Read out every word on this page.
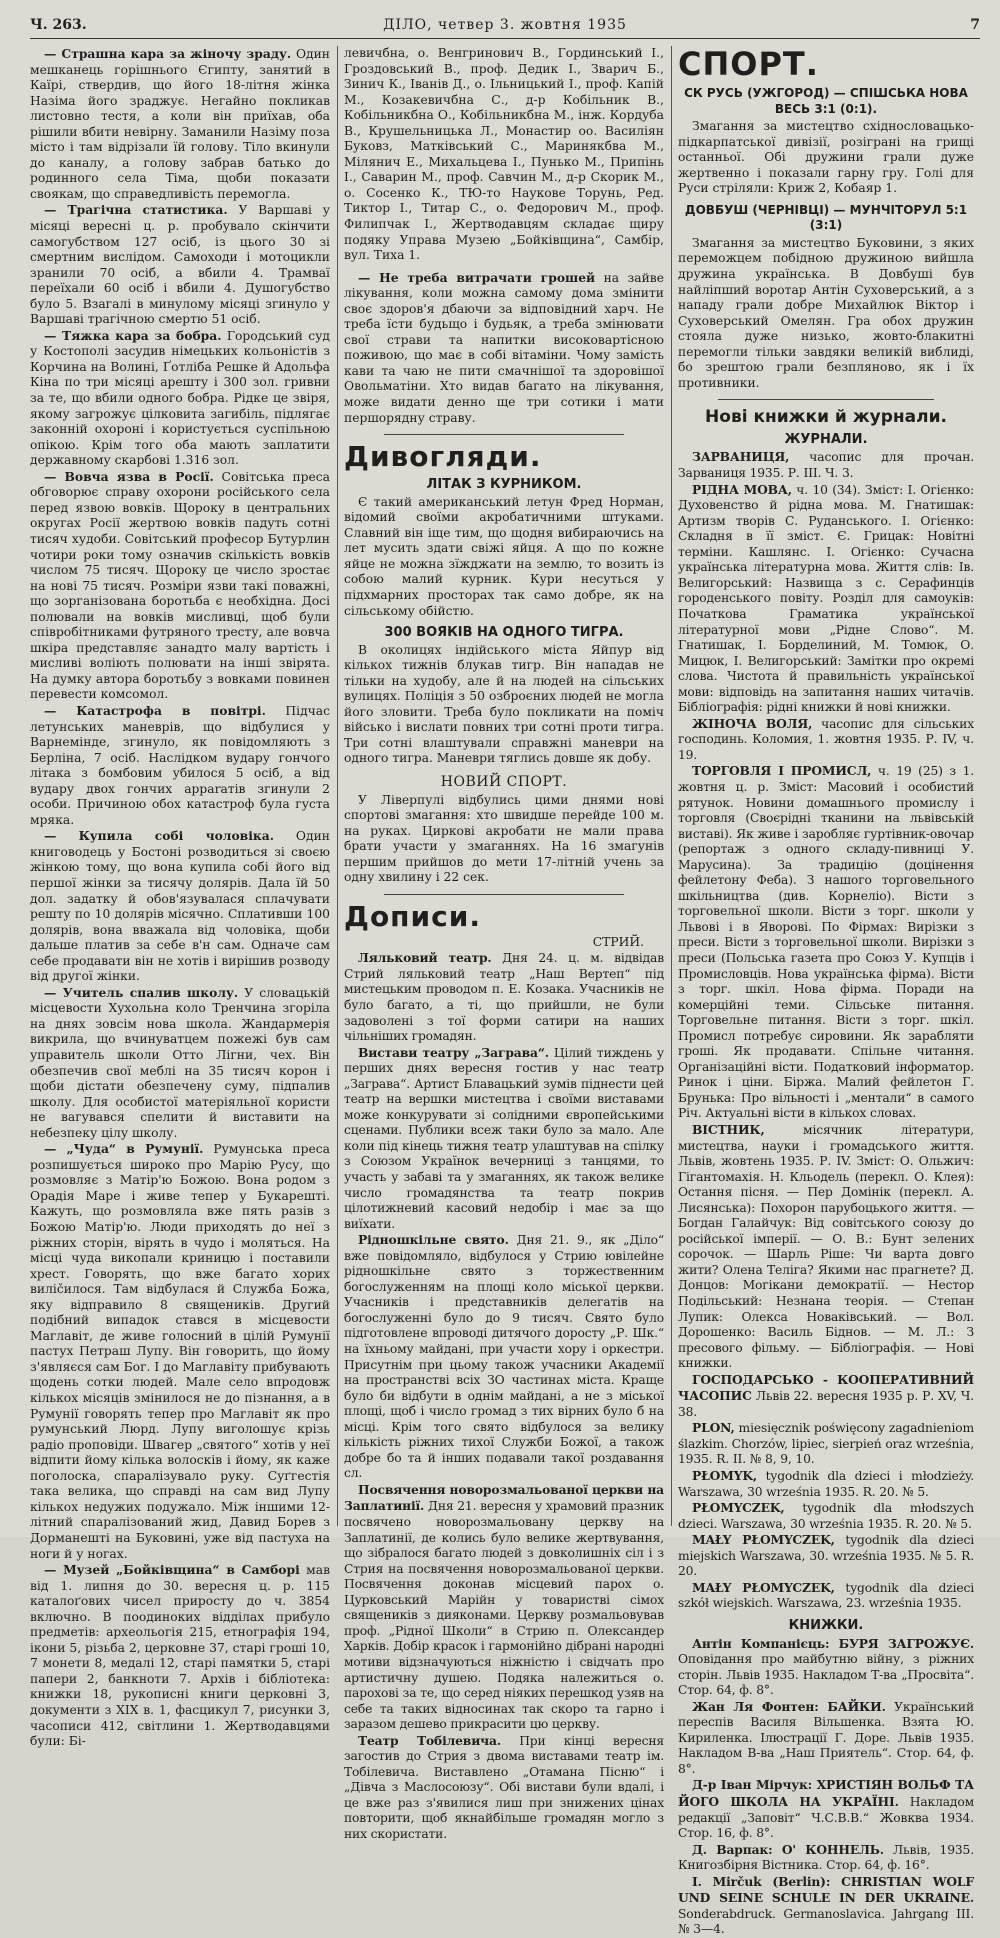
Ч. 263.	ДІЛО, четвер 3. жовтня 1935	7

— Страшна кара за жіночу зраду. Один мешканець горішнього Єгипту, занятий в Каїрі, ствердив, що його 18-літня жінка Назіма його зраджує. Негайно покликав листовно тестя, а коли він приїхав, оба рішили вбити невірну. Заманили Назіму поза місто і там відрізали їй голову. Тіло вкинули до каналу, а голову забрав батько до родинного села Тіма, щоби показати своякам, що справедливість перемогла.

— Трагічна статистика. У Варшаві у місяці вересні ц. р. пробувало скінчити самогубством 127 осіб, із цього 30 зі смертним вислідом. Самоходи і мотоцикли зранили 70 осіб, а вбили 4. Трамваї переїхали 60 осіб і вбили 4. Душогубство було 5. Взагалі в минулому місяці згинуло у Варшаві трагічною смертю 51 осіб.

— Тяжка кара за бобра. Городський суд у Костополі засудив німецьких кольоністів з Корчина на Волині, Ґотліба Решке й Адольфа Кіна по три місяці арешту і 300 зол. гривни за те, що вбили одного бобра. Рідке це звіря, якому загрожує цілковита загибіль, підлягає законній охороні і користується суспільною опікою. Крім того оба мають заплатити державному скарбові 1.316 зол.

— Вовча язва в Росії. Совітська преса обговорює справу охорони російського села перед язвою вовків. Щороку в центральних округах Росії жертвою вовків падуть сотні тисяч худоби. Совітський професор Бутурлин чотири роки тому означив скількість вовків числом 75 тисяч. Щороку це число зростає на нові 75 тисяч. Розміри язви такі поважні, що зорганізована боротьба є необхідна. Досі полювали на вовків мисливці, щоб були співробітниками футряного тресту, але вовча шкіра представляє занадто малу вартість і мисливі воліють полювати на інші звірята. На думку автора боротьбу з вовками повинен перевести комсомол.

— Катастрофа в повітрі. Підчас летунських маневрів, що відбулися у Варнеміндe, згинуло, як повідомляють з Берліна, 7 осіб. Наслідком вудару гончого літака з бомбовим убилося 5 осіб, а від вудару двох гончих apparатів згинули 2 особи. Причиною обох катастроф була густа мряка.

— Купила собі чоловіка. Один книговодець у Бостоні розводиться зі своєю жінкою тому, що вона купила собі його від першої жінки за тисячу долярів. Дала їй 50 дол. задатку й обов'язувалася сплачувати решту по 10 долярів місячно. Сплативши 100 долярів, вона вважала від чоловіка, щоби дальше платив за себе в'н сам. Одначе сам себе продавати він не хотів і вирішив розводу від другої жінки.

— Учитель спалив школу. У словацькій місцевости Хухольна коло Тренчина згоріла на днях зовсім нова школа. Жандармерія викрила, що вчинуватцем пожежі був сам управитель школи Отто Лігни, чех. Він обезпечив свої меблі на 35 тисяч корон і щоби дістати обезпечену суму, підпалив школу. Для особистої матеріяльної користи не вагувався спелити й виставити на небезпеку цілу школу.

— „Чуда“ в Румунії. Румунська преса розпишується широко про Марію Русу, що розмовляє з Матір'ю Божою. Вона родом з Орадія Маре і живе тепер у Букарешті. Кажуть, що розмовляла вже пять разів з Божою Матір'ю. Люди приходять до неї з ріжних сторін, вірять в чудо і моляться. На місці чуда викопали криницю і поставили хрест. Говорять, що вже багато хорих виліčилося. Там відбулася й Служба Божа, яку відправило 8 священиків. Другий подібний випадок стався в місцевости Маглавіт, де живе голосний в цілій Румунії пастух Петраш Лупу. Він говорить, що йому з'являєся сам Бог. І до Маглавіту прибувають щодень сотки людей. Мале село впродовж кількох місяців змінилося не до пізнання, а в Румунії говорять тепер про Маглавіт як про румунський Люрд. Лупу виголошує крізь радіо проповіди. Швагер „святого“ хотів у неї відпити йому кілька волосків і йому, як каже поголоска, спаралізувало руку. Суґгестія така велика, що справді на сам вид Лупу кількох недужих подужало. Між іншими 12-літний спаралізований жид, Давид Борев з Дорманешті на Буковині, уже від пастуха на ноги й у ногах.

— Музей „Бойківщина“ в Самборі мав від 1. липня до 30. вересня ц. р. 115 каталоґових чисел приросту до ч. 3854 включно. В поодиноких відділах прибуло предметів: археольогія 215, етнографія 194, ікони 5, різьба 2, церковне 37, старі гроші 10, 7 монети 8, медалі 12, старі памятки 5, старі папери 2, банкноти 7. Архів і бібліотека: книжки 18, рукописні книги церковні 3, документи з XIX в. 1, фасцикул 7, рисунки 3, часописи 412, світлини 1. Жертводавцями були: Бі-

левичбна, о. Венгринович В., Гординський І., Гроздовський В., проф. Дедик І., Зварич Б., Зинич К., Іванів Д., о. Ільницький І., проф. Капій М., Козакевичбна С., д-р Кобільник В., Кобільникбна О., Кобільникбна М., інж. Кордуба В., Крушельницька Л., Монастир оо. Василіян Буковз, Матківський С., Маринякбва М., Мілянич Е., Михальцева І., Пунько М., Припінь І., Саварин М., проф. Савчин М., д-р Скорик М., о. Сосенко К., ТЮ-то Наукове Торунь, Ред. Тиктор І., Титар С., о. Федорович М., проф. Филипчак І., Жертводавцям складає щиру подяку Управа Музею „Бойківщина“, Самбір, вул. Тиха 1.

— Не треба витрачати грошей на зайве лікування, коли можна самому дома змінити своє здоров'я дбаючи за відповідний харч. Не треба їсти будьщо і будьяк, а треба змінювати свої страви та напитки високовартісною поживою, що має в собі вітаміни. Чому замість кави та чаю не пити смачнішої та здоровішої Овольматіни. Хто видав багато на лікування, може видати денно ще три сотики і мати першорядну страву.

Дивогляди.
ЛІТАК З КУРНИКОМ.

Є такий американський летун Фред Норман, відомий своїми акробатичними штуками. Славний він іще тим, що щодня вибираючись на лет мусить здати свіжі яйця. А що по кожне яйце не можна зїжджати на землю, то возить із собою малий курник. Кури несуться у підхмарних просторах так само добре, як на сільському обійстю.

300 ВОЯКІВ НА ОДНОГО ТИГРА.

В околицях індійського міста Яйпур від кількох тижнів блукав тигр. Він нападав не тільки на худобу, але й на людей на сільських вулицях. Поліція з 50 озброєних людей не могла його зловити. Треба було покликати на поміч військо і вислати повних три сотні проти тигра. Три сотні влаштували справжні маневри на одного тигра. Маневри тяглись довше як добу.

НОВИЙ СПОРТ.

У Ліверпулі відбулись цими днями нові спортові змагання: хто швидше перейде 100 м. на руках. Циркові акробати не мали права брати участи у змаганнях. На 16 змагунів першим прийшов до мети 17-літній учень за одну хвилину і 22 сек.

Дописи.
СТРИЙ.

Ляльковий театр. Дня 24. ц. м. відвідав Стрий ляльковий театр „Наш Вертеп“ під мистецьким проводом п. Е. Козака. Учасників не було багато, а ті, що прийшли, не були задоволені з тої форми сатири на наших чільніших громадян.

Вистави театру „Заграва“. Цілий тиждень у перших днях вересня гостив у нас театр „Заграва“. Артист Блавацький зумів піднести цей театр на вершки мистецтва і своїми виставами може конкурувати зі солідними європейськими сценами. Публики всеж таки було за мало. Але коли під кінець тижня театр улаштував на спілку з Союзом Українок вечерниці з танцями, то участь у забаві та у змаганнях, як також велике число громадянства та театр покрив цілотижневий касовий недобір і має за що виїхати.

Рідношкільне свято. Дня 21. 9., як „Діло“ вже повідомляло, відбулося у Стрию ювілейне рідношкільне свято з торжественним богослуженням на площі коло міської церкви. Учасників і представників делегатів на богослуженні було до 9 тисяч. Свято було підготовлене впроводі дитячого доросту „Р. Шк.“ на їхньому майдані, при участи хору і оркестри. Присутнім при цьому також учасники Академії на пространстві всіх ЗО частинах міста. Краще було би відбути в однім майдані, а не з міської площі, щоб і число громад з тих вірних було б на місці. Крім того свято відбулося за велику кількість ріжних тихої Служби Божої, а також добре бо та й інших подавали такої роздавання сл.

Посвячення новорозмальованої церкви на Заплатинії. Дня 21. вересня у храмовий празник посвячено новорозмальовану церкву на Заплатинії, де колись було велике жертвування, що зібралося багато людей з довколишніх сіл і з Стрия на посвячення новорозмальованої церкви. Посвячення доконав місцевий парох о. Цурковський Марійн у товаристві сімох священиків з дияконами. Церкву розмальовував проф. „Рідної Школи“ в Стрию п. Олександер Харків. Добір красок і гармонійно дібрані народні мотиви відзначуються ніжністю і свідчать про артистичну душею. Подяка належиться о. парохові за те, що серед ніяких перешкод узяв на себе та таких відносинах так скоро та гарно і заразом дешево прикрасити цю церкву.

Театр Тобілевича. При кінці вересня загостив до Стрия з двома виставами театр ім. Тобілевича. Виставлено „Отамана Пісню“ і „Дівча з Маслосоюзу“. Обі вистави були вдалі, і це вже раз з'явилися лиш при знижених цінах повторити, щоб якнайбільше громадян могло з них скористати.

СПОРТ.
СК РУСЬ (УЖГОРОД) — СПІШСЬКА НОВА ВЕСЬ 3:1 (0:1).

Змагання за мистецтво східнословацько-підкарпатської дивізії, розіграні на грищі останньої. Обі дружини грали дуже жертвенно і показали гарну гру. Голі для Руси стріляли: Криж 2, Кобаяр 1.

ДОВБУШ (ЧЕРНІВЦІ) — МУНЧІТОРУЛ 5:1 (3:1)

Змагання за мистецтво Буковини, з яких переможцем побідною дружиною вийшла дружина українська. В Довбуші був найліпший воротар Антін Суховерський, а з нападу грали добре Михайлюк Віктор і Суховерський Омелян. Гра обох дружин стояла дуже низько, жовто-блакитні перемогли тільки завдяки великій виблиді, бо зрештою грали безпляново, як і їх противники.

Нові книжки й журнали.
ЖУРНАЛИ.

ЗАРВАНИЦЯ, часопис для прочан. Зарваниця 1935. Р. III. Ч. 3.

РІДНА МОВА, ч. 10 (34). Зміст: І. Огієнко: Духовенство й рідна мова. М. Гнатишак: Артизм творів С. Руданського. І. Огієнко: Складня в її зміст. Є. Грицак: Новітні терміни. Кашлянс. І. Огієнко: Сучасна українська літературна мова. Життя слів: Ів. Велигорський: Назвища з с. Серафинців городенського повіту. Розділ для самоуків: Початкова Граматика української літературної мови „Рідне Слово“. М. Гнатишак, І. Борделиний, М. Томюк, О. Мицюк, І. Велигорський: Замітки про окремі слова. Чистота й правильність української мови: відповідь на запитання наших читачів. Бібліографія: рідні книжки й нові книжки.

ЖІНОЧА ВОЛЯ, часопис для сільських господинь. Коломия, 1. жовтня 1935. Р. IV, ч. 19.

ТОРГОВЛЯ І ПРОМИСЛ, ч. 19 (25) з 1. жовтня ц. р. Зміст: Масовий і особистий рятунок. Новини домашнього промислу і торговля (Своєрідні тканини на львівській виставі). Як живе і заробляє гуртівник-овочар (репортаж з одного складу-пивниці У. Марусина). За традицію (доцінення фейлетону Феба). З нашого торговельного шкільництва (див. Корнеліо). Вісти з торговельної школи. Вісти з торг. школи у Львові і в Яворові. По Фірмах: Вирізки з преси. Вісти з торговельної школи. Вирізки з преси (Польська газета про Союз У. Купців і Промисловців. Нова українська фірма). Вісти з торг. шкіл. Нова фірма. Поради на комерційні теми. Сільське питання. Торговельне питання. Вісти з торг. шкіл. Промисл потребує сировини. Як зарабляти гроші. Як продавати. Спільне читання. Організаційні вісти. Податковий інформатор. Ринок і ціни. Біржа. Малий фейлетон Г. Брунька: Про вільності і „ментали“ в самого Річ. Актуальні вісти в кількох словах.

ВІСТНИК, місячник літератури, мистецтва, науки і громадського життя. Львів, жовтень 1935. Р. IV. Зміст: О. Ольжич: Гігантомахія. Н. Кльодель (перекл. О. Клея): Остання пісня. — Пер Домінік (перекл. А. Лисянська): Похорон парубоцького життя. — Богдан Галайчук: Від совітського союзу до російської імперії. — О. В.: Бунт зелених сорочок. — Шарль Ріше: Чи варта довго жити? Олена Теліга? Якими нас прагнете? Д. Донцов: Могікани демократії. — Нестор Подільський: Незнана теорія. — Степан Лупик: Олекса Новаківський. — Вол. Дорошенко: Василь Біднов. — М. Л.: З пресового фільму. — Бібліографія. — Нові книжки.

ГОСПОДАРСЬКО - КООПЕРАТИВНИЙ ЧАСОПИС Львів 22. вересня 1935 р. Р. XV, Ч. 38.

PLON, miesięcznik poświęcony zagadnieniom ślazkim. Chorzów, lipiec, sierpień oraz września, 1935. R. II. № 8, 9, 10.

PŁOMYK, tygodnik dla dzieci i młodzieży. Warszawa, 30 września 1935. R. 20. № 5.

PŁOMYCZEK, tygodnik dla młodszych dzieci. Warszawa, 30 września 1935. R. 20. № 5.

MAŁY PŁOMYCZEK, tygodnik dla dzieci miejskich Warszawa, 30. września 1935. № 5. R. 20.

MAŁY PŁOMYCZEK, tygodnik dla dzieci szkół wiejskich. Warszawa, 23. września 1935.

КНИЖКИ.

Антін Компанієць: БУРЯ ЗАГРОЖУЄ. Оповідання про майбутню війну, з ріжних сторін. Львів 1935. Накладом Т-ва „Просвіта“. Стор. 64, ф. 8°.

Жан Ля Фонтен: БАЙКИ. Український переспів Василя Вільшенка. Взята Ю. Кириленка. Ілюстрації Г. Доре. Львів 1935. Накладом В-ва „Наш Приятель“. Стор. 64, ф. 8°.

Д-р Іван Мірчук: ХРИСТІЯН ВОЛЬФ ТА ЙОГО ШКОЛА НА УКРАЇНІ. Накладом редакції „Заповіт“ Ч.С.В.В.“ Жовква 1934. Стор. 16, ф. 8°.

Д. Варпак: О' КОННЕЛЬ. Львів, 1935. Книгозбірня Вістника. Стор. 64, ф. 16°.

I. Mirčuk (Berlin): CHRISTIAN WOLF UND SEINE SCHULE IN DER UKRAINE. Sonderabdruck. Germanoslavica. Jahrgang III. № 3—4.
